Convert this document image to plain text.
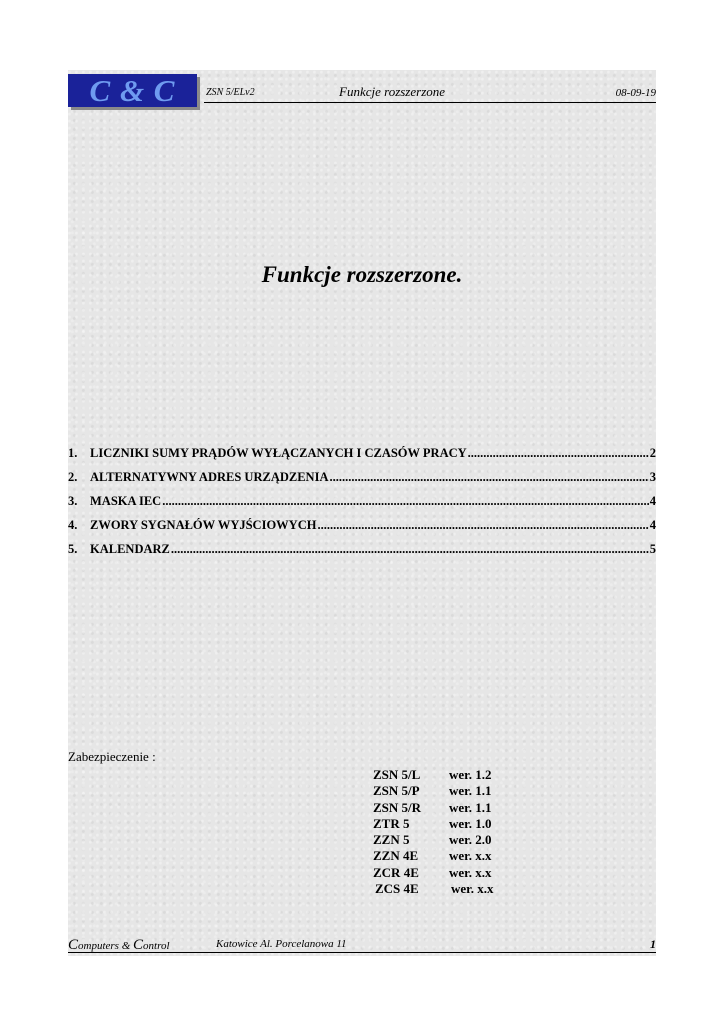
C & C	ZSN 5/ELv2	Funkcje rozszerzone	08-09-19
Funkcje rozszerzone.
1.	LICZNIKI SUMY PRĄDÓW WYŁĄCZANYCH I CZASÓW PRACY .....	2
2.	ALTERNATYWNY ADRES URZĄDZENIA .....	3
3.	MASKA IEC .....	4
4.	ZWORY SYGNAŁÓW WYJŚCIOWYCH .....	4
5.	KALENDARZ .....	5
Zabezpieczenie :
ZSN 5/L	wer. 1.2
ZSN 5/P	wer. 1.1
ZSN 5/R	wer. 1.1
ZTR 5	wer. 1.0
ZZN 5	wer. 2.0
ZZN 4E	wer. x.x
ZCR 4E	wer. x.x
ZCS 4E	wer. x.x
Computers & Control	Katowice Al. Porcelanowa 11	1
